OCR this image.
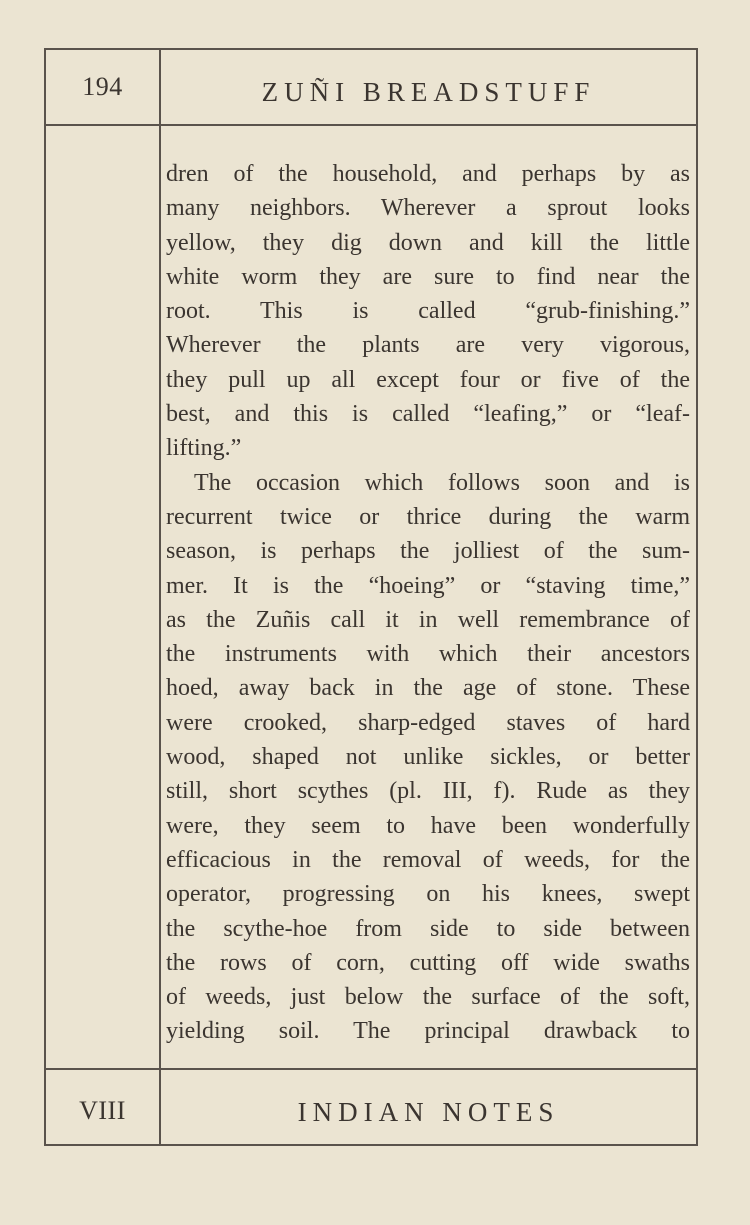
194	ZUÑI BREADSTUFF
dren of the household, and perhaps by as
many neighbors. Wherever a sprout looks
yellow, they dig down and kill the little
white worm they are sure to find near the
root. This is called “grub-finishing.”
Wherever the plants are very vigorous,
they pull up all except four or five of the
best, and this is called “leafing,” or “leaf-
lifting.”
The occasion which follows soon and is
recurrent twice or thrice during the warm
season, is perhaps the jolliest of the sum-
mer. It is the “hoeing” or “staving time,”
as the Zuñis call it in well remembrance of
the instruments with which their ancestors
hoed, away back in the age of stone. These
were crooked, sharp-edged staves of hard
wood, shaped not unlike sickles, or better
still, short scythes (pl. III, f). Rude as they
were, they seem to have been wonderfully
efficacious in the removal of weeds, for the
operator, progressing on his knees, swept
the scythe-hoe from side to side between
the rows of corn, cutting off wide swaths
of weeds, just below the surface of the soft,
yielding soil. The principal drawback to
VIII	INDIAN NOTES
